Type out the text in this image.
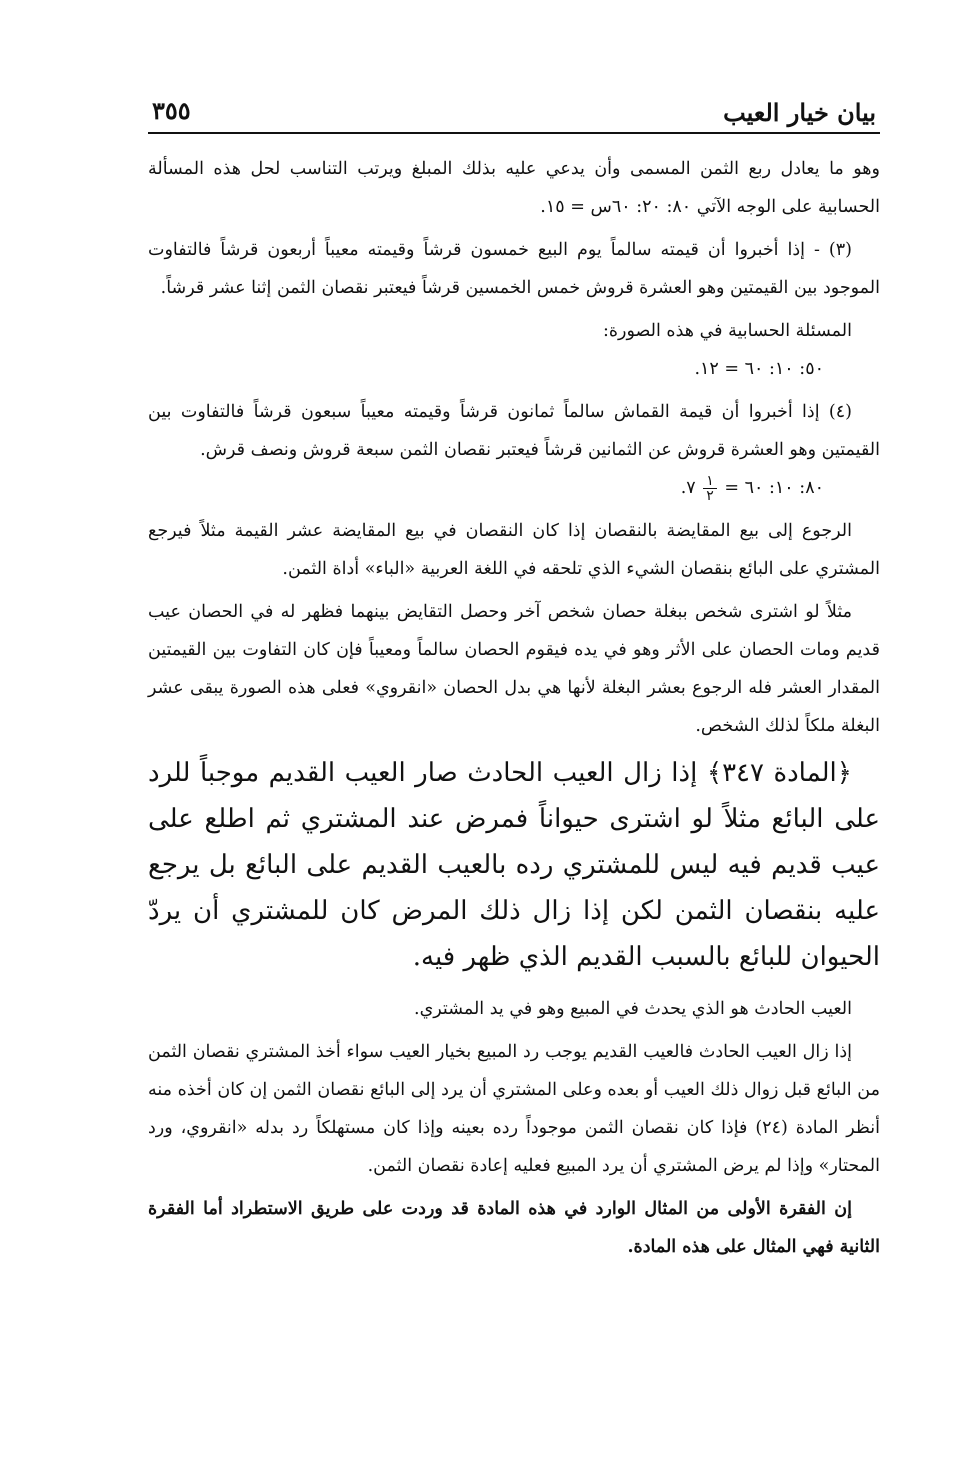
بيان خيار العيب
٣٥٥

وهو ما يعادل ربع الثمن المسمى وأن يدعي عليه بذلك المبلغ ويرتب التناسب لحل هذه المسألة الحسابية على الوجه الآتي ٨٠: ٢٠: ٦٠س = ١٥.

(٣) - إذا أخبروا أن قيمته سالماً يوم البيع خمسون قرشاً وقيمته معيباً أربعون قرشاً فالتفاوت الموجود بين القيمتين وهو العشرة قروش خمس الخمسين قرشاً فيعتبر نقصان الثمن إثنا عشر قرشاً.

المسئلة الحسابية في هذه الصورة:

٥٠: ١٠: ٦٠ = ١٢.

(٤) إذا أخبروا أن قيمة القماش سالماً ثمانون قرشاً وقيمته معيباً سبعون قرشاً فالتفاوت بين القيمتين وهو العشرة قروش عن الثمانين قرشاً فيعتبر نقصان الثمن سبعة قروش ونصف قرش.

٨٠: ١٠: ٦٠ =
$\frac{١}{٢}$
٧.

الرجوع إلى بيع المقايضة بالنقصان إذا كان النقصان في بيع المقايضة عشر القيمة مثلاً فيرجع المشتري على البائع بنقصان الشيء الذي تلحقه في اللغة العربية «الباء» أداة الثمن.

مثلاً لو اشترى شخص ببغلة حصان شخص آخر وحصل التقايض بينهما فظهر له في الحصان عيب قديم ومات الحصان على الأثر وهو في يده فيقوم الحصان سالماً ومعيباً فإن كان التفاوت بين القيمتين المقدار العشر فله الرجوع بعشر البغلة لأنها هي بدل الحصان «انقروي» فعلى هذه الصورة يبقى عشر البغلة ملكاً لذلك الشخص.

﴿المادة ٣٤٧﴾ إذا زال العيب الحادث صار العيب القديم موجباً للرد على البائع مثلاً لو اشترى حيواناً فمرض عند المشتري ثم اطلع على عيب قديم فيه ليس للمشتري رده بالعيب القديم على البائع بل يرجع عليه بنقصان الثمن لكن إذا زال ذلك المرض كان للمشتري أن يردّ الحيوان للبائع بالسبب القديم الذي ظهر فيه.

العيب الحادث هو الذي يحدث في المبيع وهو في يد المشتري.

إذا زال العيب الحادث فالعيب القديم يوجب رد المبيع بخيار العيب سواء أخذ المشتري نقصان الثمن من البائع قبل زوال ذلك العيب أو بعده وعلى المشتري أن يرد إلى البائع نقصان الثمن إن كان أخذه منه أنظر المادة (٢٤) فإذا كان نقصان الثمن موجوداً رده بعينه وإذا كان مستهلكاً رد بدله «انقروي، ورد المحتار» وإذا لم يرض المشتري أن يرد المبيع فعليه إعادة نقصان الثمن.

إن الفقرة الأولى من المثال الوارد في هذه المادة قد وردت على طريق الاستطراد أما الفقرة الثانية فهي المثال على هذه المادة.
